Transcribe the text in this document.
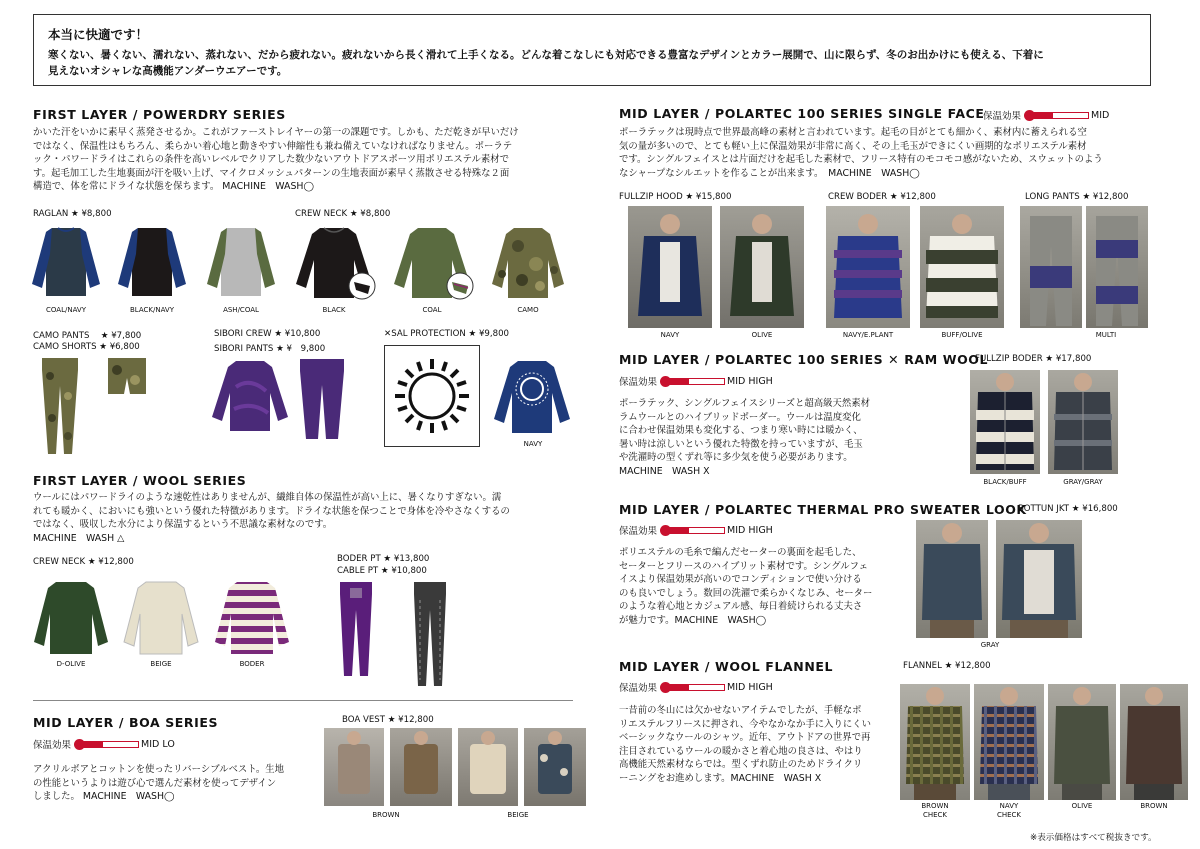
本当に快適です！
寒くない、暑くない、濡れない、蒸れない、だから疲れない。疲れないから長く滑れて上手くなる。どんな着こなしにも対応できる豊富なデザインとカラー展開で、山に限らず、冬のお出かけにも使える、下着に
見えないオシャレな高機能アンダーウエアーです。
FIRST LAYER / POWERDRY SERIES
かいた汗をいかに素早く蒸発させるか。これがファーストレイヤーの第一の課題です。しかも、ただ乾きが早いだけ
ではなく、保温性はもちろん、柔らかい着心地と動きやすい伸縮性も兼ね備えていなければなりません。ポーラテ
ック・パワードライはこれらの条件を高いレベルでクリアした数少ないアウトドアスポーツ用ポリエステル素材で
す。起毛加工した生地裏面が汗を吸い上げ、マイクロメッシュパターンの生地表面が素早く蒸散させる特殊な２面
構造で、体を常にドライな状態を保ちます。 MACHINE　WASH◯
RAGLAN ★ ¥8,800	CREW NECK ★ ¥8,800
COAL/NAVY	BLACK/NAVY	ASH/COAL	BLACK	COAL	CAMO
CAMO PANTS　 ★ ¥7,800
CAMO SHORTS ★ ¥6,800
SIBORI CREW ★ ¥10,800
SIBORI PANTS ★ ¥　9,800
✕SAL PROTECTION ★ ¥9,800
NAVY
FIRST LAYER / WOOL SERIES
ウールにはパワードライのような速乾性はありませんが、繊維自体の保温性が高い上に、暑くなりすぎない。濡
れても暖かく、においにも強いという優れた特徴があります。ドライな状態を保つことで身体を冷やさなくするの
ではなく、吸収した水分により保温するという不思議な素材なのです。
MACHINE　WASH △
CREW NECK ★ ¥12,800
D-OLIVE	BEIGE	BODER
BODER PT ★ ¥13,800
CABLE PT ★ ¥10,800
MID LAYER / BOA SERIES
保温効果
	MID LO
アクリルボアとコットンを使ったリバーシブルベスト。生地
の性能というよりは遊び心で選んだ素材を使ってデザイン
しました。 MACHINE　WASH◯
BOA VEST ★ ¥12,800
BROWN	BEIGE
MID LAYER / POLARTEC 100 SERIES SINGLE FACE
保温効果
	MID
ポーラテックは現時点で世界最高峰の素材と言われています。起毛の目がとても細かく、素材内に蓄えられる空
気の量が多いので、とても軽い上に保温効果が非常に高く、その上毛玉ができにくい画期的なポリエステル素材
です。シングルフェイスとは片面だけを起毛した素材で、フリース特有のモコモコ感がないため、スウェットのよう
なシャープなシルエットを作ることが出来ます。　MACHINE　WASH◯
FULLZIP HOOD ★ ¥15,800	CREW BODER ★ ¥12,800	LONG PANTS ★ ¥12,800
NAVY	OLIVE	NAVY/E.PLANT	BUFF/OLIVE	MULTI
MID LAYER / POLARTEC 100 SERIES ✕ RAM WOOL
FULLZIP BODER ★ ¥17,800
保温効果
	MID HIGH
ポーラテック、シングルフェイスシリーズと超高級天然素材
ラムウールとのハイブリッドボーダー。ウールは温度変化
に合わせ保温効果も変化する、つまり寒い時には暖かく、
暑い時は涼しいという優れた特徴を持っていますが、毛玉
や洗濯時の型くずれ等に多少気を使う必要があります。
MACHINE　WASH X
BLACK/BUFF	GRAY/GRAY
MID LAYER / POLARTEC THERMAL PRO SWEATER LOOK
BOTTUN JKT ★ ¥16,800
保温効果
	MID HIGH
ポリエステルの毛糸で編んだセーターの裏面を起毛した、
セーターとフリースのハイブリット素材です。シングルフェ
イスより保温効果が高いのでコンディションで使い分ける
のも良いでしょう。数回の洗濯で柔らかくなじみ、セーター
のような着心地とカジュアル感、毎日着続けられる丈夫さ
が魅力です。MACHINE　WASH◯
GRAY
MID LAYER / WOOL FLANNEL	FLANNEL ★ ¥12,800
保温効果
	MID HIGH
一昔前の冬山には欠かせないアイテムでしたが、手軽なポ
リエステルフリースに押され、今やなかなか手に入りにくい
ベーシックなウールのシャツ。近年、アウトドアの世界で再
注目されているウールの暖かさと着心地の良さは、やはり
高機能天然素材ならでは。型くずれ防止のためドライクリ
ーニングをお進めします。MACHINE　WASH X
BROWN
CHECK
NAVY
CHECK
OLIVE	BROWN
※表示価格はすべて税抜きです。
